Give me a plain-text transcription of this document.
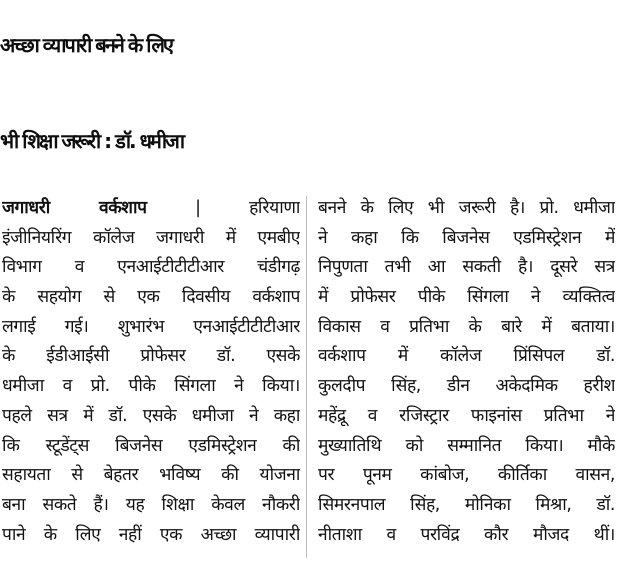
अच्छा व्यापारी बनने के लिए
भी शिक्षा जरूरी : डॉ. धमीजा
जगाधरी वर्कशाप	|	हरियाणा
इंजीनियरिंग कॉलेज जगाधरी में एमबीए
विभाग व एनआईटीटीटीआर चंडीगढ़
के सहयोग से एक दिवसीय वर्कशाप
लगाई गई। शुभारंभ एनआईटीटीटीआर
के ईडीआईसी प्रोफेसर डॉ. एसके
धमीजा व प्रो. पीके सिंगला ने किया।
पहले सत्र में डॉ. एसके धमीजा ने कहा
कि स्टूडेंट्स बिजनेस एडमिस्ट्रेशन की
सहायता से बेहतर भविष्य की योजना
बना सकते हैं। यह शिक्षा केवल नौकरी
पाने के लिए नहीं एक अच्छा व्यापारी
बनने के लिए भी जरूरी है। प्रो. धमीजा
ने कहा कि बिजनेस एडमिस्ट्रेशन में
निपुणता तभी आ सकती है। दूसरे सत्र
में प्रोफेसर पीके सिंगला ने व्यक्तित्व
विकास व प्रतिभा के बारे में बताया।
वर्कशाप में कॉलेज प्रिंसिपल डॉ.
कुलदीप सिंह, डीन अकेदमिक हरीश
महेंद्रू व रजिस्ट्रार फाइनांस प्रतिभा ने
मुख्यातिथि को सम्मानित किया। मौके
पर पूनम कांबोज, कीर्तिका वासन,
सिमरनपाल सिंह, मोनिका मिश्रा, डॉ.
नीताशा व परविंद्र कौर मौजद थीं।
